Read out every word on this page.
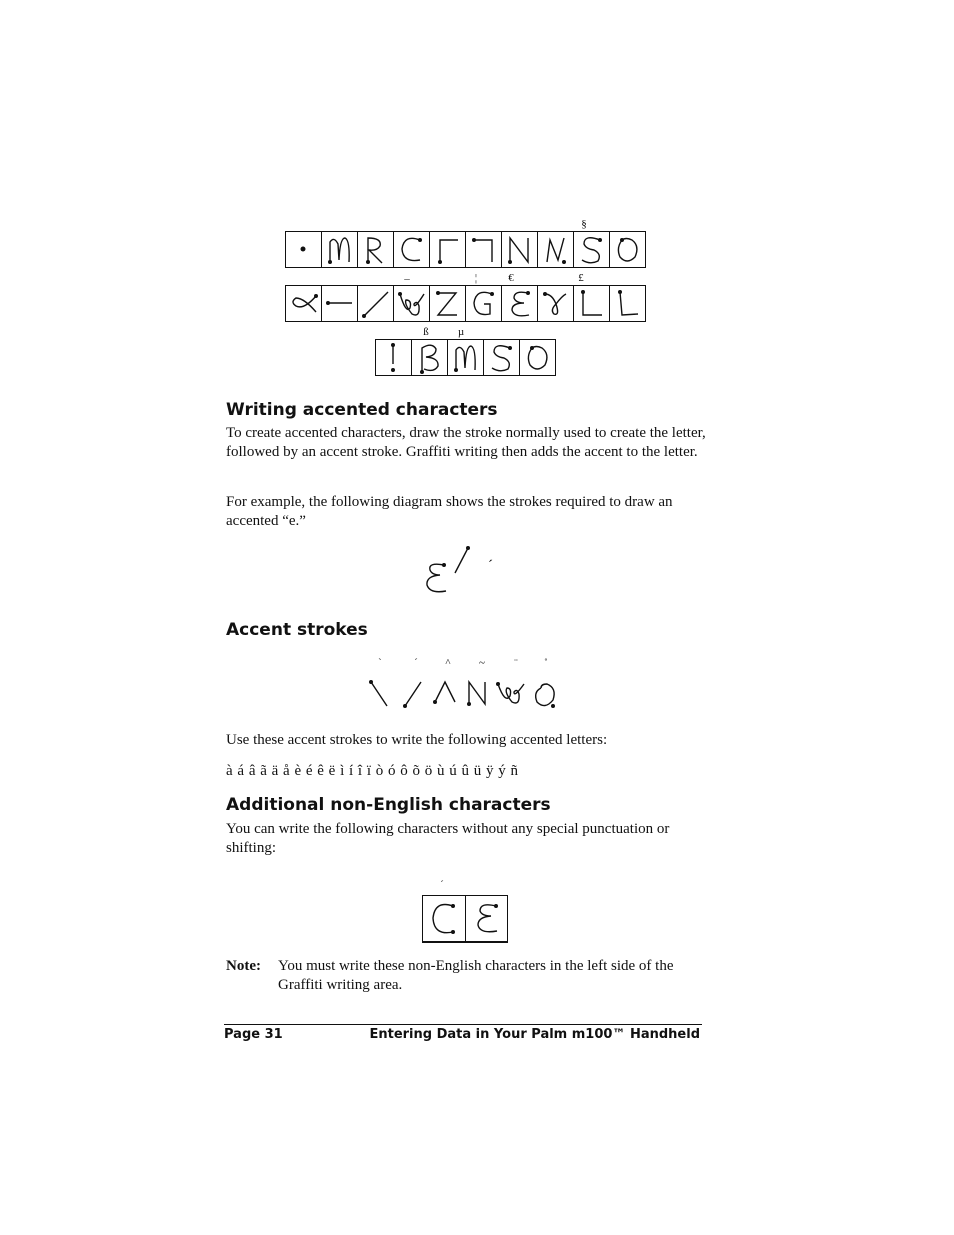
§
–	¦	€	£
ß	µ
Writing accented characters
To create accented characters, draw the stroke normally used to create the letter, followed by an accent stroke. Graffiti writing then adds the accent to the letter.
For example, the following diagram shows the strokes required to draw an accented “e.”
´
Accent strokes
`	´	^	~	¨	˚
Use these accent strokes to write the following accented letters:
à á â ã ä å è é ê ë ì í î ï ò ó ô õ ö ù ú û ü ÿ ý ñ
Additional non-English characters
You can write the following characters without any special punctuation or shifting:
´
Note:	You must write these non-English characters in the left side of the Graffiti writing area.
Page 31	Entering Data in Your Palm m100™ Handheld
